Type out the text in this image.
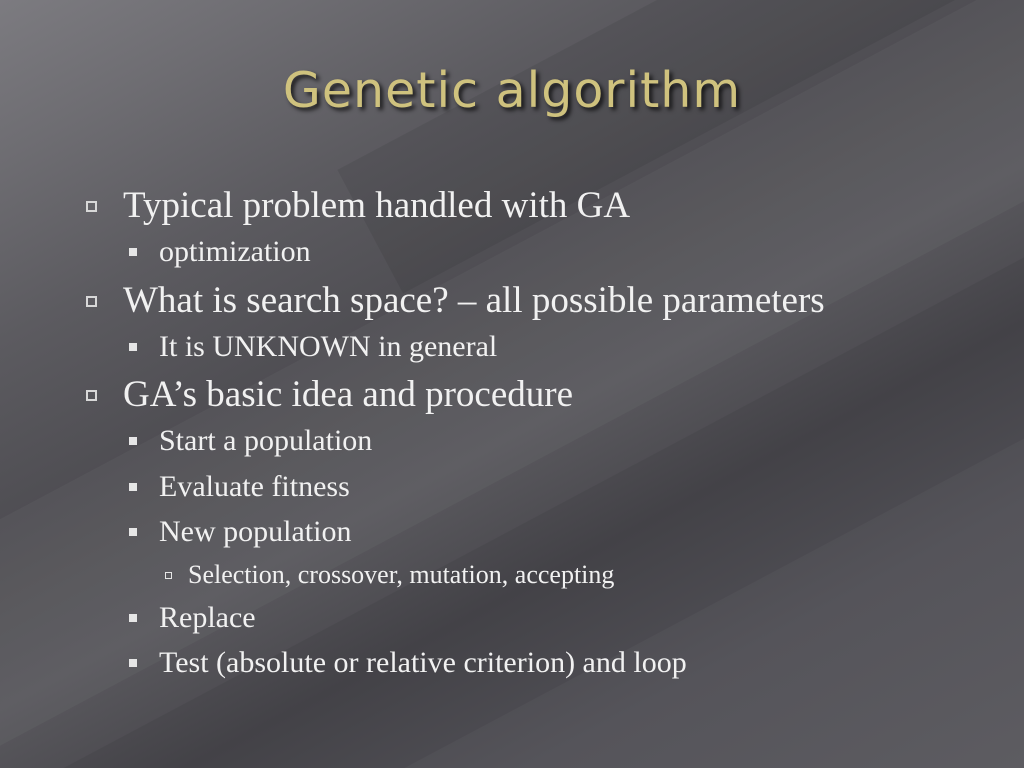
Genetic algorithm
Typical problem handled with GA
optimization
What is search space? – all possible parameters
It is UNKNOWN in general
GA’s basic idea and procedure
Start a population
Evaluate fitness
New population
Selection, crossover, mutation, accepting
Replace
Test (absolute or relative criterion) and loop
